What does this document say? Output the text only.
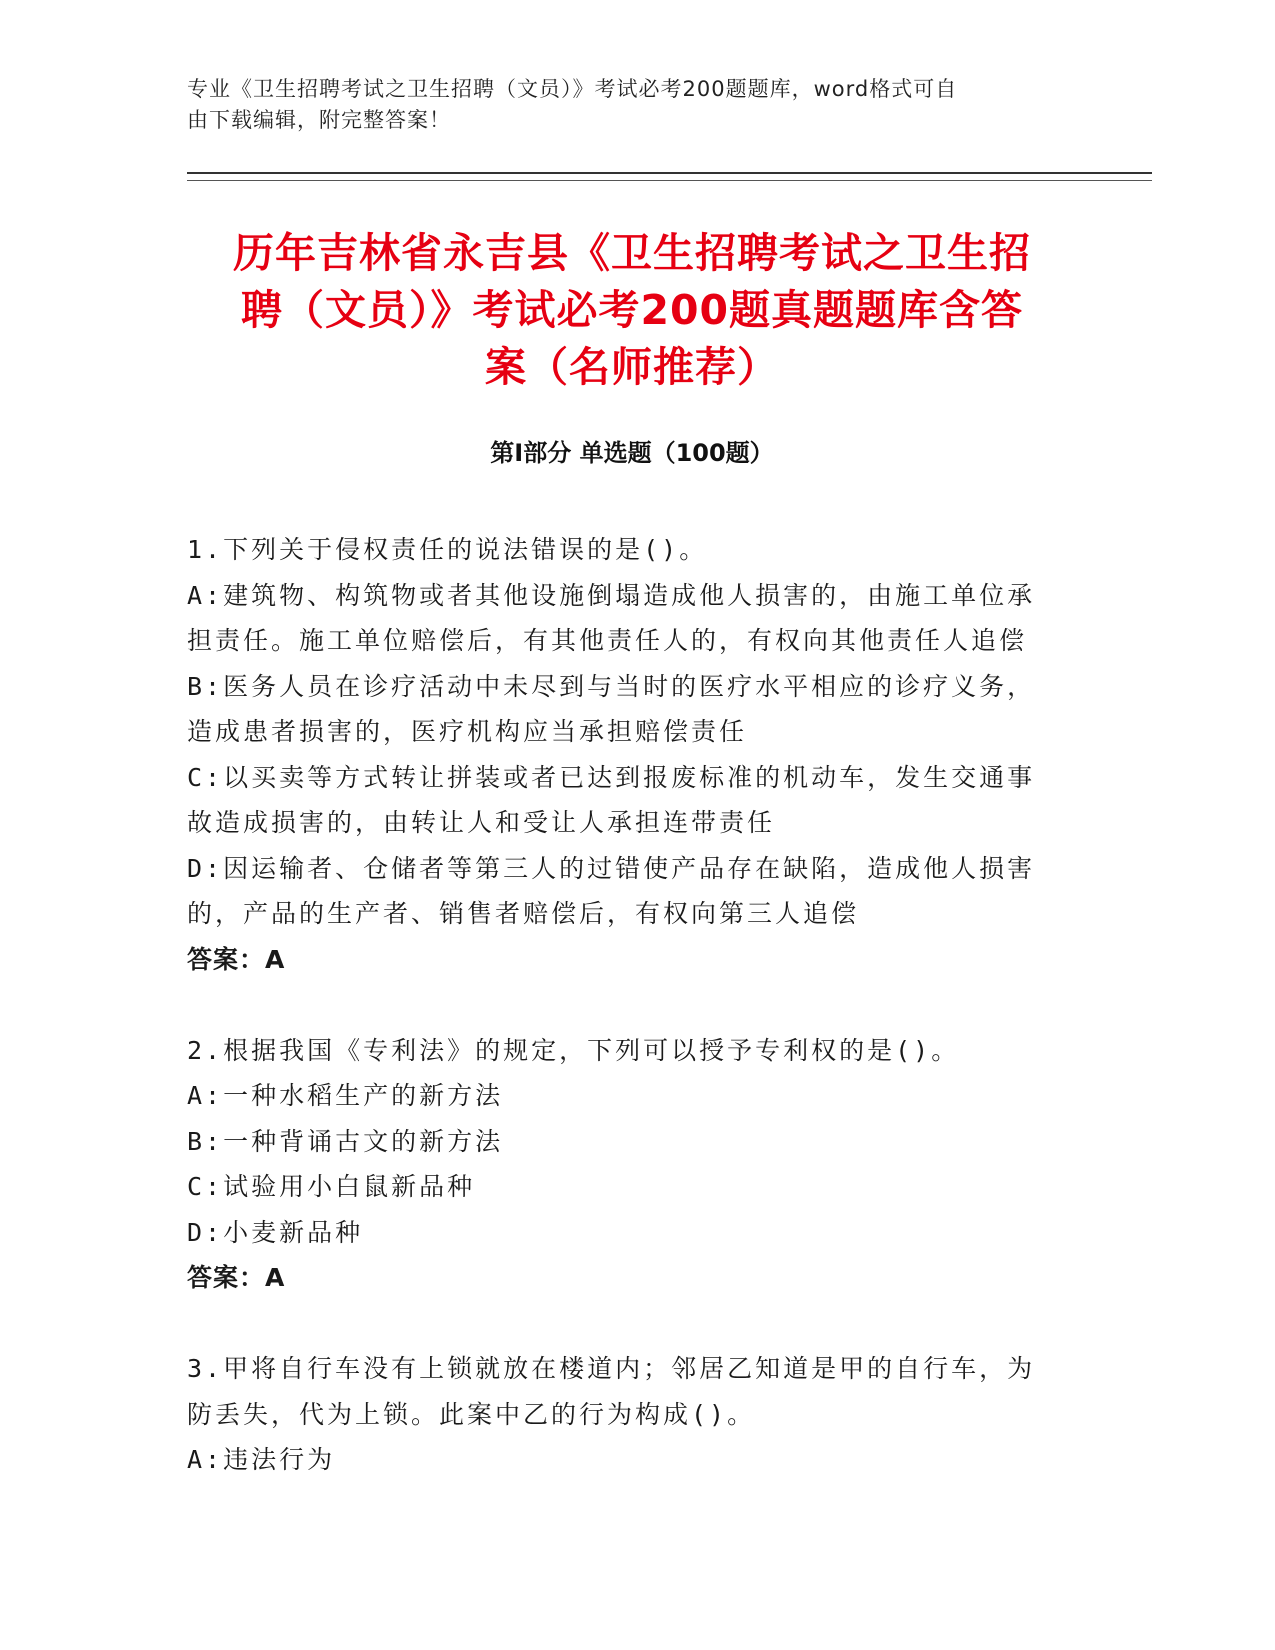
专业《卫生招聘考试之卫生招聘（文员）》考试必考200题题库，word格式可自
由下载编辑，附完整答案！
历年吉林省永吉县《卫生招聘考试之卫生招
聘（文员）》考试必考200题真题题库含答
案（名师推荐）
第I部分 单选题（100题）
1.下列关于侵权责任的说法错误的是()。
A:建筑物、构筑物或者其他设施倒塌造成他人损害的，由施工单位承
担责任。施工单位赔偿后，有其他责任人的，有权向其他责任人追偿
B:医务人员在诊疗活动中未尽到与当时的医疗水平相应的诊疗义务，
造成患者损害的，医疗机构应当承担赔偿责任
C:以买卖等方式转让拼装或者已达到报废标准的机动车，发生交通事
故造成损害的，由转让人和受让人承担连带责任
D:因运输者、仓储者等第三人的过错使产品存在缺陷，造成他人损害
的，产品的生产者、销售者赔偿后，有权向第三人追偿
答案：A
2.根据我国《专利法》的规定，下列可以授予专利权的是()。
A:一种水稻生产的新方法
B:一种背诵古文的新方法
C:试验用小白鼠新品种
D:小麦新品种
答案：A
3.甲将自行车没有上锁就放在楼道内；邻居乙知道是甲的自行车，为
防丢失，代为上锁。此案中乙的行为构成()。
A:违法行为
